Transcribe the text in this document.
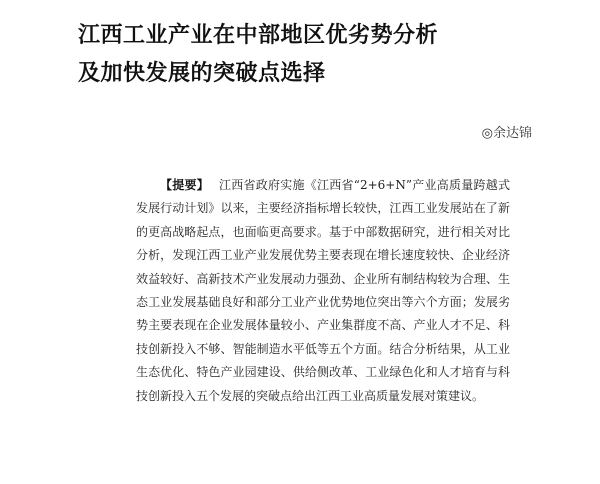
江西工业产业在中部地区优劣势分析
及加快发展的突破点选择
◎余达锦

【提要】 江西省政府实施《江西省“2+6+N”产业高质量跨越式发展行动计划》以来，主要经济指标增长较快，江西工业发展站在了新的更高战略起点，也面临更高要求。基于中部数据研究，进行相关对比分析，发现江西工业产业发展优势主要表现在增长速度较快、企业经济效益较好、高新技术产业发展动力强劲、企业所有制结构较为合理、生态工业发展基础良好和部分工业产业优势地位突出等六个方面；发展劣势主要表现在企业发展体量较小、产业集群度不高、产业人才不足、科技创新投入不够、智能制造水平低等五个方面。结合分析结果，从工业生态优化、特色产业园建设、供给侧改革、工业绿色化和人才培育与科技创新投入五个发展的突破点给出江西工业高质量发展对策建议。
